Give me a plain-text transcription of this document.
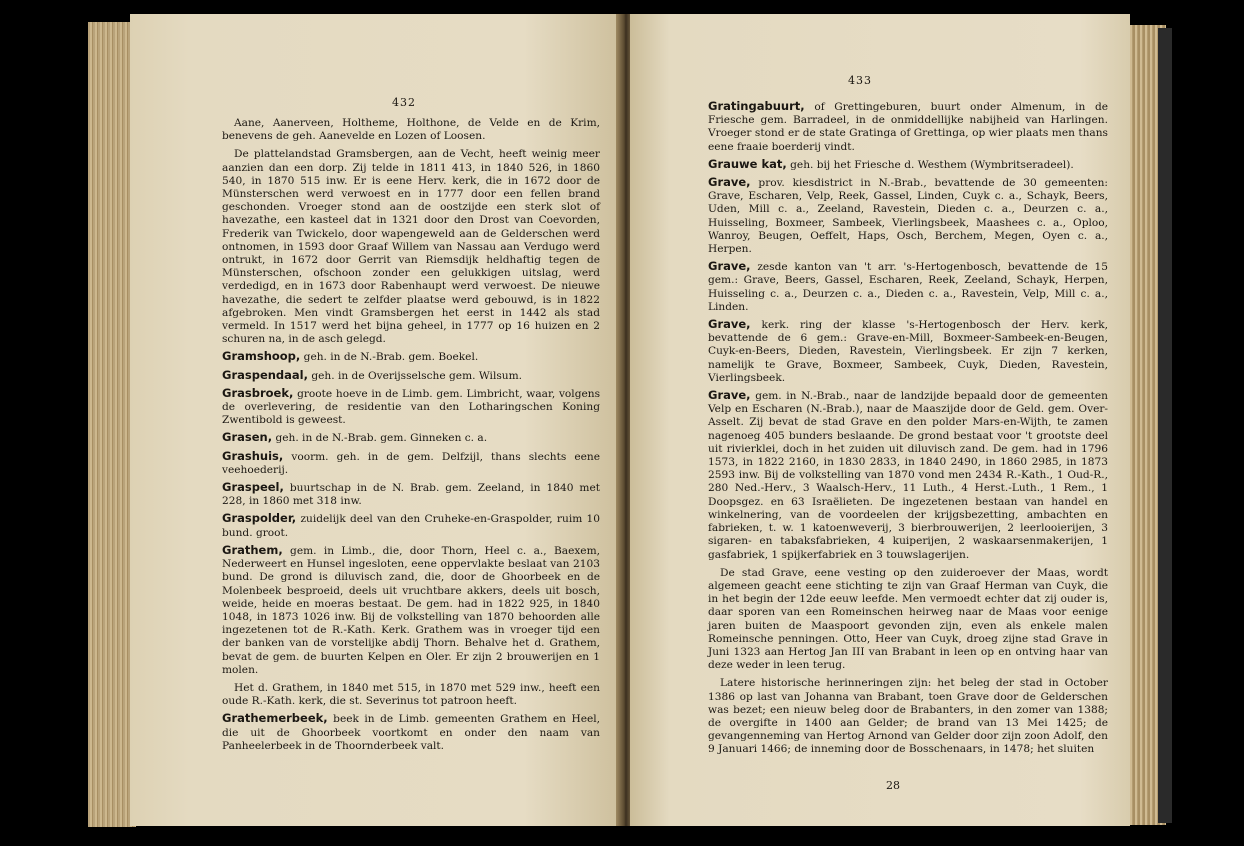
432

Aane, Aanerveen, Holtheme, Holthone, de Velde en de Krim, benevens de geh. Aanevelde en Lozen of Loosen.

De plattelandstad Gramsbergen, aan de Vecht, heeft weinig meer aanzien dan een dorp. Zij telde in 1811 413, in 1840 526, in 1860 540, in 1870 515 inw. Er is eene Herv. kerk, die in 1672 door de Münsterschen werd verwoest en in 1777 door een fellen brand geschonden. Vroeger stond aan de oostzijde een sterk slot of havezathe, een kasteel dat in 1321 door den Drost van Coevorden, Frederik van Twickelo, door wapengeweld aan de Gelderschen werd ontnomen, in 1593 door Graaf Willem van Nassau aan Verdugo werd ontrukt, in 1672 door Gerrit van Riemsdijk heldhaftig tegen de Münsterschen, ofschoon zonder een gelukkigen uitslag, werd verdedigd, en in 1673 door Rabenhaupt werd verwoest. De nieuwe havezathe, die sedert te zelfder plaatse werd gebouwd, is in 1822 afgebroken. Men vindt Gramsbergen het eerst in 1442 als stad vermeld. In 1517 werd het bijna geheel, in 1777 op 16 huizen en 2 schuren na, in de asch gelegd.

Gramshoop, geh. in de N.-Brab. gem. Boekel.

Graspendaal, geh. in de Overijsselsche gem. Wilsum.

Grasbroek, groote hoeve in de Limb. gem. Limbricht, waar, volgens de overlevering, de residentie van den Lotharingschen Koning Zwentibold is geweest.

Grasen, geh. in de N.-Brab. gem. Ginneken c. a.

Grashuis, voorm. geh. in de gem. Delfzijl, thans slechts eene veehoederij.

Graspeel, buurtschap in de N. Brab. gem. Zeeland, in 1840 met 228, in 1860 met 318 inw.

Graspolder, zuidelijk deel van den Cruheke-en-Graspolder, ruim 10 bund. groot.

Grathem, gem. in Limb., die, door Thorn, Heel c. a., Baexem, Nederweert en Hunsel ingesloten, eene oppervlakte beslaat van 2103 bund. De grond is diluvisch zand, die, door de Ghoorbeek en de Molenbeek besproeid, deels uit vruchtbare akkers, deels uit bosch, weide, heide en moeras bestaat. De gem. had in 1822 925, in 1840 1048, in 1873 1026 inw. Bij de volkstelling van 1870 behoorden alle ingezetenen tot de R.-Kath. Kerk. Grathem was in vroeger tijd een der banken van de vorstelijke abdij Thorn. Behalve het d. Grathem, bevat de gem. de buurten Kelpen en Oler. Er zijn 2 brouwerijen en 1 molen.

Het d. Grathem, in 1840 met 515, in 1870 met 529 inw., heeft een oude R.-Kath. kerk, die st. Severinus tot patroon heeft.

Grathemerbeek, beek in de Limb. gemeenten Grathem en Heel, die uit de Ghoorbeek voortkomt en onder den naam van Panheelerbeek in de Thoornderbeek valt.

433

Gratingabuurt, of Grettingeburen, buurt onder Almenum, in de Friesche gem. Barradeel, in de onmiddellijke nabijheid van Harlingen. Vroeger stond er de state Gratinga of Grettinga, op wier plaats men thans eene fraaie boerderij vindt.

Grauwe kat, geh. bij het Friesche d. Westhem (Wymbritseradeel).

Grave, prov. kiesdistrict in N.-Brab., bevattende de 30 gemeenten: Grave, Escharen, Velp, Reek, Gassel, Linden, Cuyk c. a., Schayk, Beers, Uden, Mill c. a., Zeeland, Ravestein, Dieden c. a., Deurzen c. a., Huisseling, Boxmeer, Sambeek, Vierlingsbeek, Maashees c. a., Oploo, Wanroy, Beugen, Oeffelt, Haps, Osch, Berchem, Megen, Oyen c. a., Herpen.

Grave, zesde kanton van 't arr. 's-Hertogenbosch, bevattende de 15 gem.: Grave, Beers, Gassel, Escharen, Reek, Zeeland, Schayk, Herpen, Huisseling c. a., Deurzen c. a., Dieden c. a., Ravestein, Velp, Mill c. a., Linden.

Grave, kerk. ring der klasse 's-Hertogenbosch der Herv. kerk, bevattende de 6 gem.: Grave-en-Mill, Boxmeer-Sambeek-en-Beugen, Cuyk-en-Beers, Dieden, Ravestein, Vierlingsbeek. Er zijn 7 kerken, namelijk te Grave, Boxmeer, Sambeek, Cuyk, Dieden, Ravestein, Vierlingsbeek.

Grave, gem. in N.-Brab., naar de landzijde bepaald door de gemeenten Velp en Escharen (N.-Brab.), naar de Maaszijde door de Geld. gem. Over-Asselt. Zij bevat de stad Grave en den polder Mars-en-Wijth, te zamen nagenoeg 405 bunders beslaande. De grond bestaat voor 't grootste deel uit rivierklei, doch in het zuiden uit diluvisch zand. De gem. had in 1796 1573, in 1822 2160, in 1830 2833, in 1840 2490, in 1860 2985, in 1873 2593 inw. Bij de volkstelling van 1870 vond men 2434 R.-Kath., 1 Oud-R., 280 Ned.-Herv., 3 Waalsch-Herv., 11 Luth., 4 Herst.-Luth., 1 Rem., 1 Doopsgez. en 63 Israëlieten. De ingezetenen bestaan van handel en winkelnering, van de voordeelen der krijgsbezetting, ambachten en fabrieken, t. w. 1 katoenweverij, 3 bierbrouwerijen, 2 leerlooierijen, 3 sigaren- en tabaksfabrieken, 4 kuiperijen, 2 waskaarsenmakerijen, 1 gasfabriek, 1 spijkerfabriek en 3 touwslagerijen.

De stad Grave, eene vesting op den zuideroever der Maas, wordt algemeen geacht eene stichting te zijn van Graaf Herman van Cuyk, die in het begin der 12de eeuw leefde. Men vermoedt echter dat zij ouder is, daar sporen van een Romeinschen heirweg naar de Maas voor eenige jaren buiten de Maaspoort gevonden zijn, even als enkele malen Romeinsche penningen. Otto, Heer van Cuyk, droeg zijne stad Grave in Juni 1323 aan Hertog Jan III van Brabant in leen op en ontving haar van deze weder in leen terug.

Latere historische herinneringen zijn: het beleg der stad in October 1386 op last van Johanna van Brabant, toen Grave door de Gelderschen was bezet; een nieuw beleg door de Brabanters, in den zomer van 1388; de overgifte in 1400 aan Gelder; de brand van 13 Mei 1425; de gevangenneming van Hertog Arnond van Gelder door zijn zoon Adolf, den 9 Januari 1466; de inneming door de Bosschenaars, in 1478; het sluiten

28
